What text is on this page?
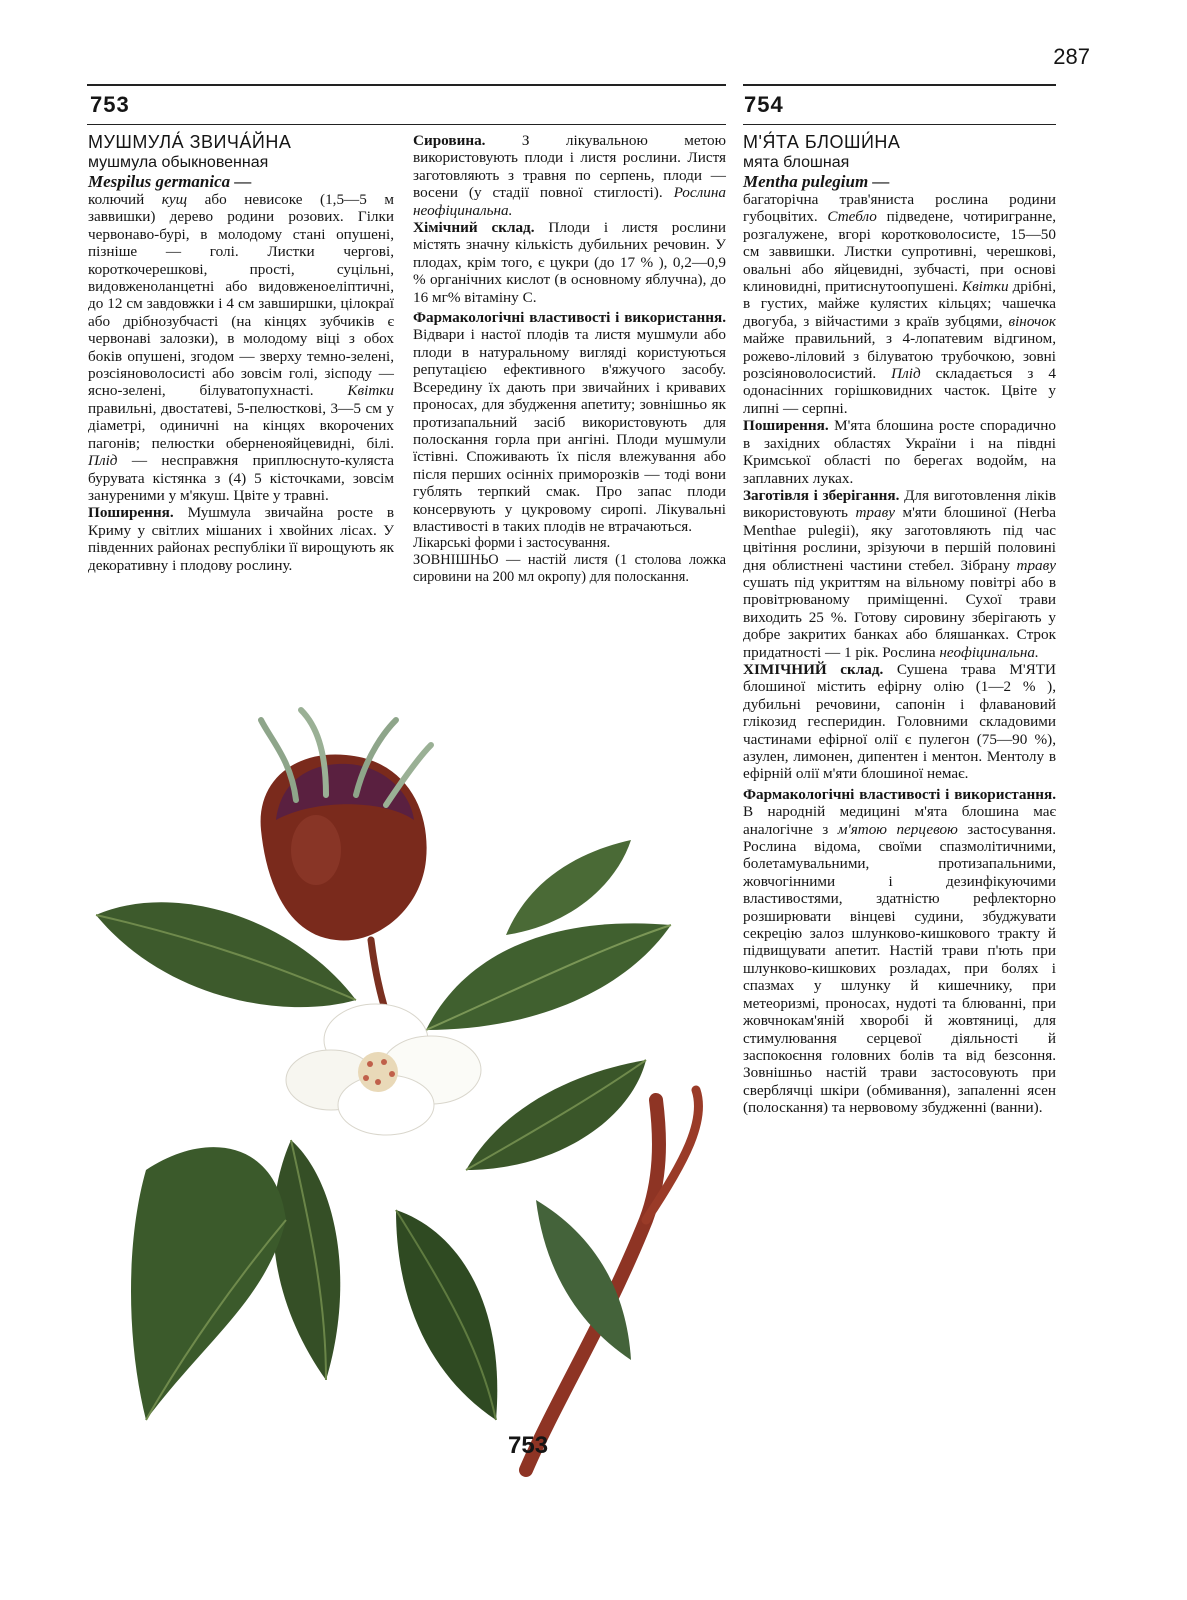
287
753	754

МУШМУЛА́ ЗВИЧА́ЙНА

мушмула обыкновенная

Mespilus germanica —

колючий кущ або невисоке (1,5—5 м заввишки) дерево родини розових. Гілки червонаво-бурі, в молодому стані опушені, пізніше — голі. Листки чергові, короткочерешкові, прості, суцільні, видовженоланцетні або видовженоеліптичні, до 12 см завдовжки і 4 см завширшки, цілокраї або дрібнозубчасті (на кінцях зубчиків є червонаві залозки), в молодому віці з обох боків опушені, згодом — зверху темно-зелені, розсіяноволосисті або зовсім голі, зісподу — ясно-зелені, білуватопухнасті. Квітки правильні, двостатеві, 5-пелюсткові, 3—5 см у діаметрі, одиничні на кінцях вкорочених пагонів; пелюстки оберненояйцевидні, білі. Плід — несправжня приплюснуто-куляста бурувата кістянка з (4) 5 кісточками, зовсім зануреними у м'якуш. Цвіте у травні.

Поширення. Мушмула звичайна росте в Криму у світлих мішаних і хвойних лісах. У південних районах республіки її вирощують як декоративну і плодову рослину.

Сировина. З лікувальною метою використовують плоди і листя рослини. Листя заготовляють з травня по серпень, плоди — восени (у стадії повної стиглості). Рослина неофіцинальна.

Хімічний склад. Плоди і листя рослини містять значну кількість дубильних речовин. У плодах, крім того, є цукри (до 17 % ), 0,2—0,9 % органічних кислот (в основному яблучна), до 16 мг% вітаміну С.

Фармакологічні властивості і використання. Відвари і настої плодів та листя мушмули або плоди в натуральному вигляді користуються репутацією ефективного в'яжучого засобу. Всередину їх дають при звичайних і кривавих проносах, для збудження апетиту; зовнішньо як протизапальний засіб використовують для полоскання горла при ангіні. Плоди мушмули їстівні. Споживають їх після влежування або після перших осінніх приморозків — тоді вони гублять терпкий смак. Про запас плоди консервують у цукровому сиропі. Лікувальні властивості в таких плодів не втрачаються.

Лікарські форми і застосування.

ЗОВНІШНЬО — настій листя (1 столова ложка сировини на 200 мл окропу) для полоскання.

М'Я́ТА БЛОШИ́НА

мята блошная

Mentha pulegium —

багаторічна трав'яниста рослина родини губоцвітих. Стебло підведене, чотиригранне, розгалужене, вгорі коротковолосисте, 15—50 см заввишки. Листки супротивні, черешкові, овальні або яйцевидні, зубчасті, при основі клиновидні, притиснутоопушені. Квітки дрібні, в густих, майже кулястих кільцях; чашечка двогуба, з війчастими з країв зубцями, віночок майже правильний, з 4-лопатевим відгином, рожево-ліловий з білуватою трубочкою, зовні розсіяноволосистий. Плід складається з 4 одонасінних горішковидних часток. Цвіте у липні — серпні.

Поширення. М'ята блошина росте спорадично в західних областях України і на півдні Кримської області по берегах водойм, на заплавних луках.

Заготівля і зберігання. Для виготовлення ліків використовують траву м'яти блошиної (Herba Menthae pulegii), яку заготовляють під час цвітіння рослини, зрізуючи в першій половині дня облистнені частини стебел. Зібрану траву сушать під укриттям на вільному повітрі або в провітрюваному приміщенні. Сухої трави виходить 25 %. Готову сировину зберігають у добре закритих банках або бляшанках. Строк придатності — 1 рік. Рослина неофіцинальна.

ХІМІЧНИЙ склад. Сушена трава М'ЯТИ блошиної містить ефірну олію (1—2 % ), дубильні речовини, сапонін і флавановий глікозид гесперидин. Головними складовими частинами ефірної олії є пулегон (75—90 %), азулен, лимонен, дипентен і ментон. Ментолу в ефірній олії м'яти блошиної немає.

Фармакологічні властивості і використання. В народній медицині м'ята блошина має аналогічне з м'ятою перцевою застосування. Рослина відома, своїми спазмолітичними, болетамувальними, протизапальними, жовчогінними і дезинфікуючими властивостями, здатністю рефлекторно розширювати вінцеві судини, збуджувати секрецію залоз шлунково-кишкового тракту й підвищувати апетит. Настій трави п'ють при шлунково-кишкових розладах, при болях і спазмах у шлунку й кишечнику, при метеоризмі, проносах, нудоті та блюванні, при жовчнокам'яній хворобі й жовтяниці, для стимулювання серцевої діяльності й заспокоєння головних болів та від безсоння. Зовнішньо настій трави застосовують при сверблячці шкіри (обмивання), запаленні ясен (полоскання) та нервовому збудженні (ванни).

753
